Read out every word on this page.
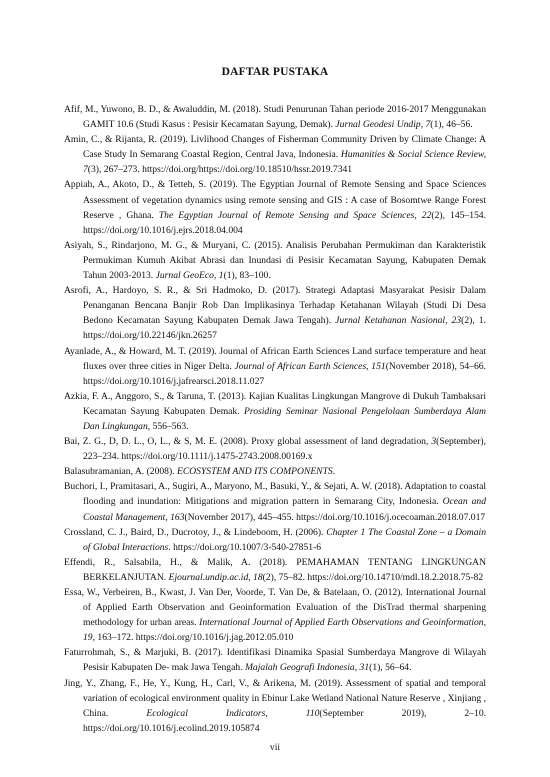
DAFTAR PUSTAKA

Afif, M., Yuwono, B. D., & Awaluddin, M. (2018). Studi Penurunan Tahan periode 2016-2017 Menggunakan GAMIT 10.6 (Studi Kasus : Pesisir Kecamatan Sayung, Demak). Jurnal Geodesi Undip, 7(1), 46–56.

Amin, C., & Rijanta, R. (2019). Livlihood Changes of Fisherman Community Driven by Climate Change: A Case Study In Semarang Coastal Region, Central Java, Indonesia. Humanities & Social Science Review, 7(3), 267–273. https://doi.org/https://doi.org/10.18510/hssr.2019.7341

Appiah, A., Akoto, D., & Tetteh, S. (2019). The Egyptian Journal of Remote Sensing and Space Sciences Assessment of vegetation dynamics using remote sensing and GIS : A case of Bosomtwe Range Forest Reserve , Ghana. The Egyptian Journal of Remote Sensing and Space Sciences, 22(2), 145–154. https://doi.org/10.1016/j.ejrs.2018.04.004

Asiyah, S., Rindarjono, M. G., & Muryani, C. (2015). Analisis Perubahan Permukiman dan Karakteristik Permukiman Kumuh Akibat Abrasi dan Inundasi di Pesisir Kecamatan Sayung, Kabupaten Demak Tahun 2003-2013. Jurnal GeoEco, 1(1), 83–100.

Asrofi, A., Hardoyo, S. R., & Sri Hadmoko, D. (2017). Strategi Adaptasi Masyarakat Pesisir Dalam Penanganan Bencana Banjir Rob Dan Implikasinya Terhadap Ketahanan Wilayah (Studi Di Desa Bedono Kecamatan Sayung Kabupaten Demak Jawa Tengah). Jurnal Ketahanan Nasional, 23(2), 1. https://doi.org/10.22146/jkn.26257

Ayanlade, A., & Howard, M. T. (2019). Journal of African Earth Sciences Land surface temperature and heat fluxes over three cities in Niger Delta. Journal of African Earth Sciences, 151(November 2018), 54–66. https://doi.org/10.1016/j.jafrearsci.2018.11.027

Azkia, F. A., Anggoro, S., & Taruna, T. (2013). Kajian Kualitas Lingkungan Mangrove di Dukuh Tambaksari Kecamatan Sayung Kabupaten Demak. Prosiding Seminar Nasional Pengelolaan Sumberdaya Alam Dan Lingkungan, 556–563.

Bai, Z. G., D, D. L., O, L., & S, M. E. (2008). Proxy global assessment of land degradation, 3(September), 223–234. https://doi.org/10.1111/j.1475-2743.2008.00169.x

Balasubramanian, A. (2008). ECOSYSTEM AND ITS COMPONENTS.

Buchori, I., Pramitasari, A., Sugiri, A., Maryono, M., Basuki, Y., & Sejati, A. W. (2018). Adaptation to coastal flooding and inundation: Mitigations and migration pattern in Semarang City, Indonesia. Ocean and Coastal Management, 163(November 2017), 445–455. https://doi.org/10.1016/j.ocecoaman.2018.07.017

Crossland, C. J., Baird, D., Ducrotoy, J., & Lindeboom, H. (2006). Chapter 1 The Coastal Zone – a Domain of Global Interactions. https://doi.org/10.1007/3-540-27851-6

Effendi, R., Salsabila, H., & Malik, A. (2018). PEMAHAMAN TENTANG LINGKUNGAN BERKELANJUTAN. Ejournal.undip.ac.id, 18(2), 75–82. https://doi.org/10.14710/mdl.18.2.2018.75-82

Essa, W., Verbeiren, B., Kwast, J. Van Der, Voorde, T. Van De, & Batelaan, O. (2012). International Journal of Applied Earth Observation and Geoinformation Evaluation of the DisTrad thermal sharpening methodology for urban areas. International Journal of Applied Earth Observations and Geoinformation, 19, 163–172. https://doi.org/10.1016/j.jag.2012.05.010

Faturrohmah, S., & Marjuki, B. (2017). Identifikasi Dinamika Spasial Sumberdaya Mangrove di Wilayah Pesisir Kabupaten De- mak Jawa Tengah. Majalah Geografi Indonesia, 31(1), 56–64.

Jing, Y., Zhang, F., He, Y., Kung, H., Carl, V., & Arikena, M. (2019). Assessment of spatial and temporal variation of ecological environment quality in Ebinur Lake Wetland National Nature Reserve , Xinjiang , China. Ecological Indicators, 110(September 2019), 2–10. https://doi.org/10.1016/j.ecolind.2019.105874

vii
